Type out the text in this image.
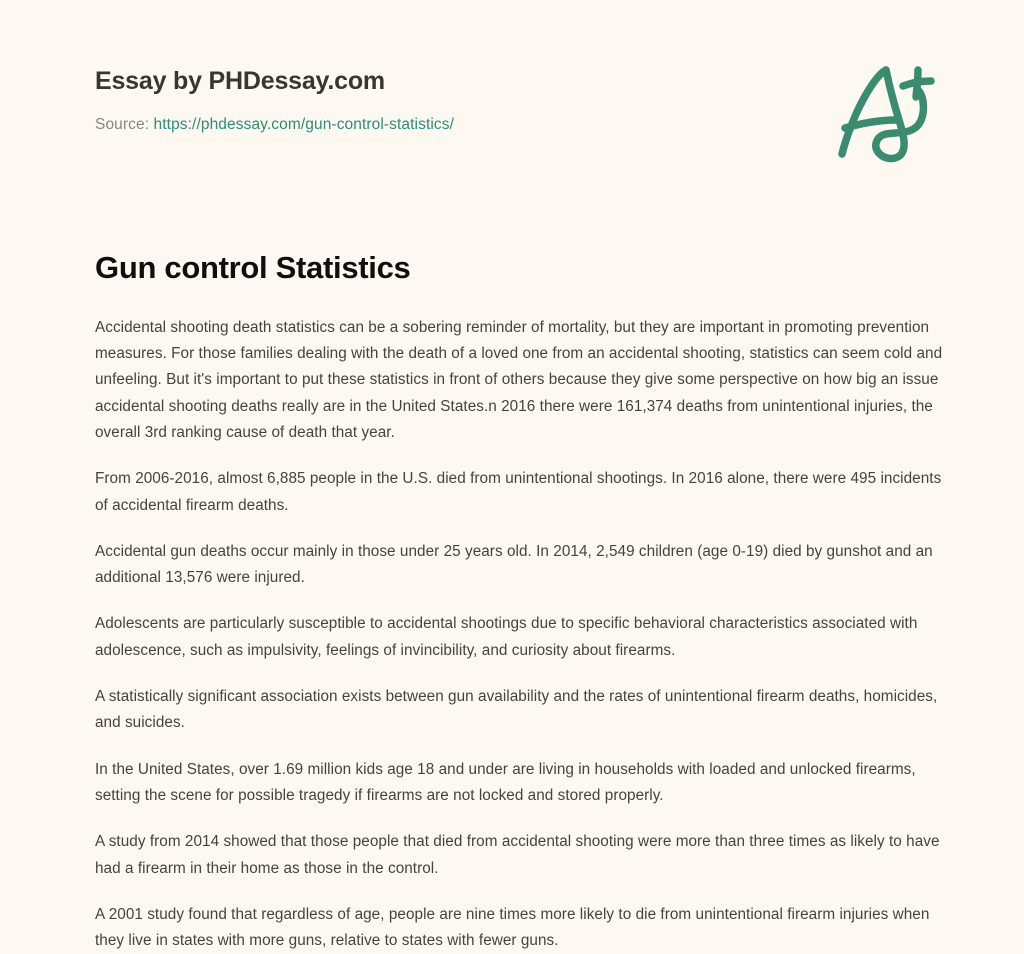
Essay by PHDessay.com
Source: https://phdessay.com/gun-control-statistics/
Gun control Statistics

Accidental shooting death statistics can be a sobering reminder of mortality, but they are important in promoting prevention measures. For those families dealing with the death of a loved one from an accidental shooting, statistics can seem cold and unfeeling. But it's important to put these statistics in front of others because they give some perspective on how big an issue accidental shooting deaths really are in the United States.n 2016 there were 161,374 deaths from unintentional injuries, the overall 3rd ranking cause of death that year.

From 2006-2016, almost 6,885 people in the U.S. died from unintentional shootings. In 2016 alone, there were 495 incidents of accidental firearm deaths.

Accidental gun deaths occur mainly in those under 25 years old. In 2014, 2,549 children (age 0-19) died by gunshot and an additional 13,576 were injured.

Adolescents are particularly susceptible to accidental shootings due to specific behavioral characteristics associated with adolescence, such as impulsivity, feelings of invincibility, and curiosity about firearms.

A statistically significant association exists between gun availability and the rates of unintentional firearm deaths, homicides, and suicides.

In the United States, over 1.69 million kids age 18 and under are living in households with loaded and unlocked firearms, setting the scene for possible tragedy if firearms are not locked and stored properly.

A study from 2014 showed that those people that died from accidental shooting were more than three times as likely to have had a firearm in their home as those in the control.

A 2001 study found that regardless of age, people are nine times more likely to die from unintentional firearm injuries when they live in states with more guns, relative to states with fewer guns.
